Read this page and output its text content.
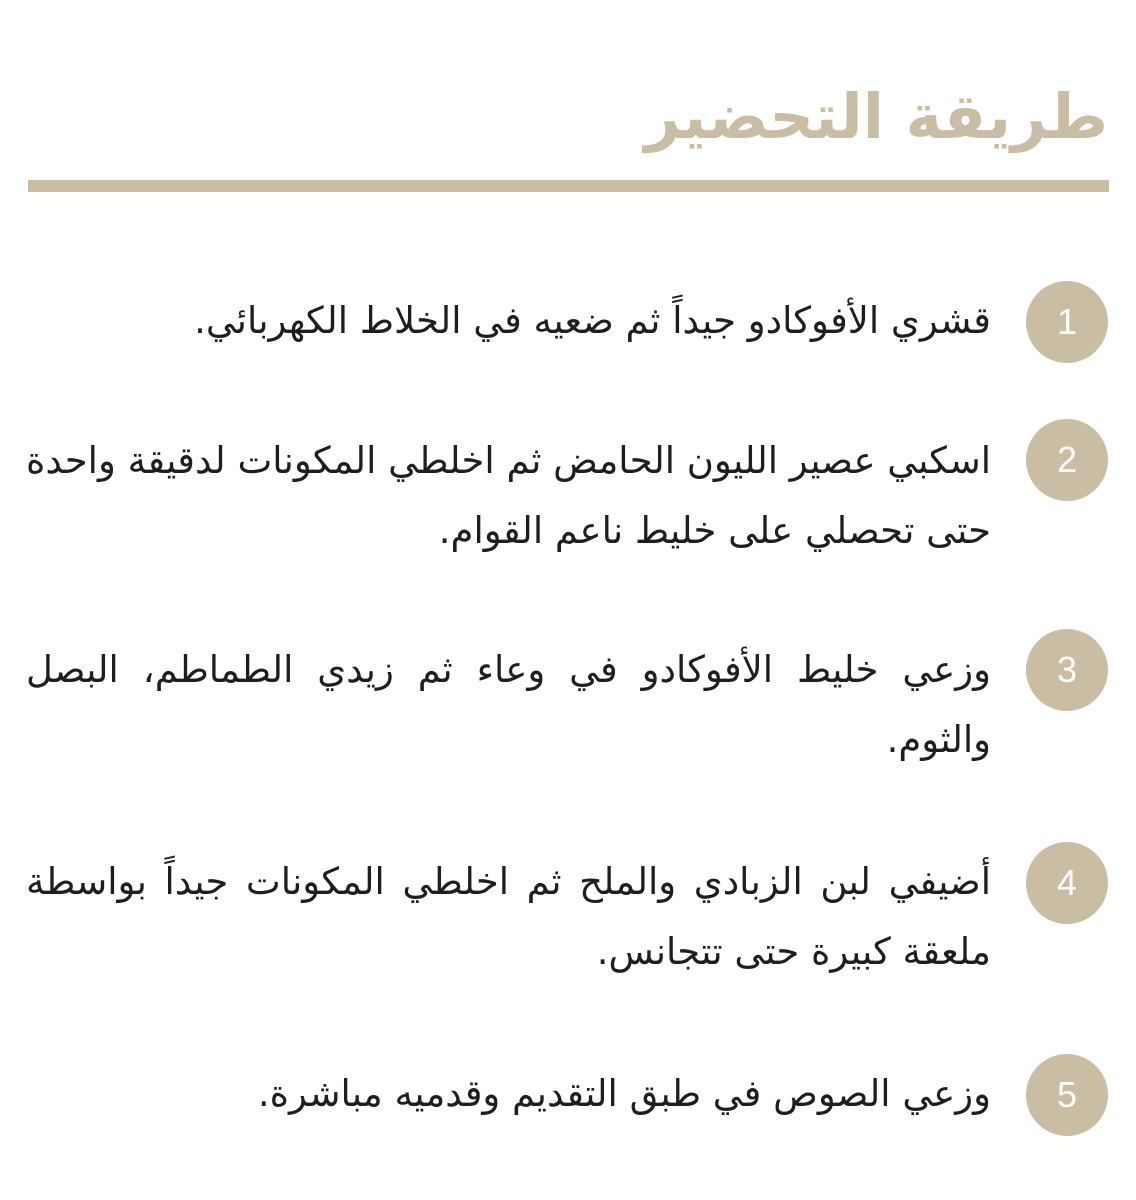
طريقة التحضير
1

قشري الأفوكادو جيداً ثم ضعيه في الخلاط الكهربائي.

2

اسكبي عصير الليون الحامض ثم اخلطي المكونات لدقيقة واحدة حتى تحصلي على خليط ناعم القوام.

3

وزعي خليط الأفوكادو في وعاء ثم زيدي الطماطم، البصل والثوم.

4

أضيفي لبن الزبادي والملح ثم اخلطي المكونات جيداً بواسطة ملعقة كبيرة حتى تتجانس.

5

وزعي الصوص في طبق التقديم وقدميه مباشرة.
